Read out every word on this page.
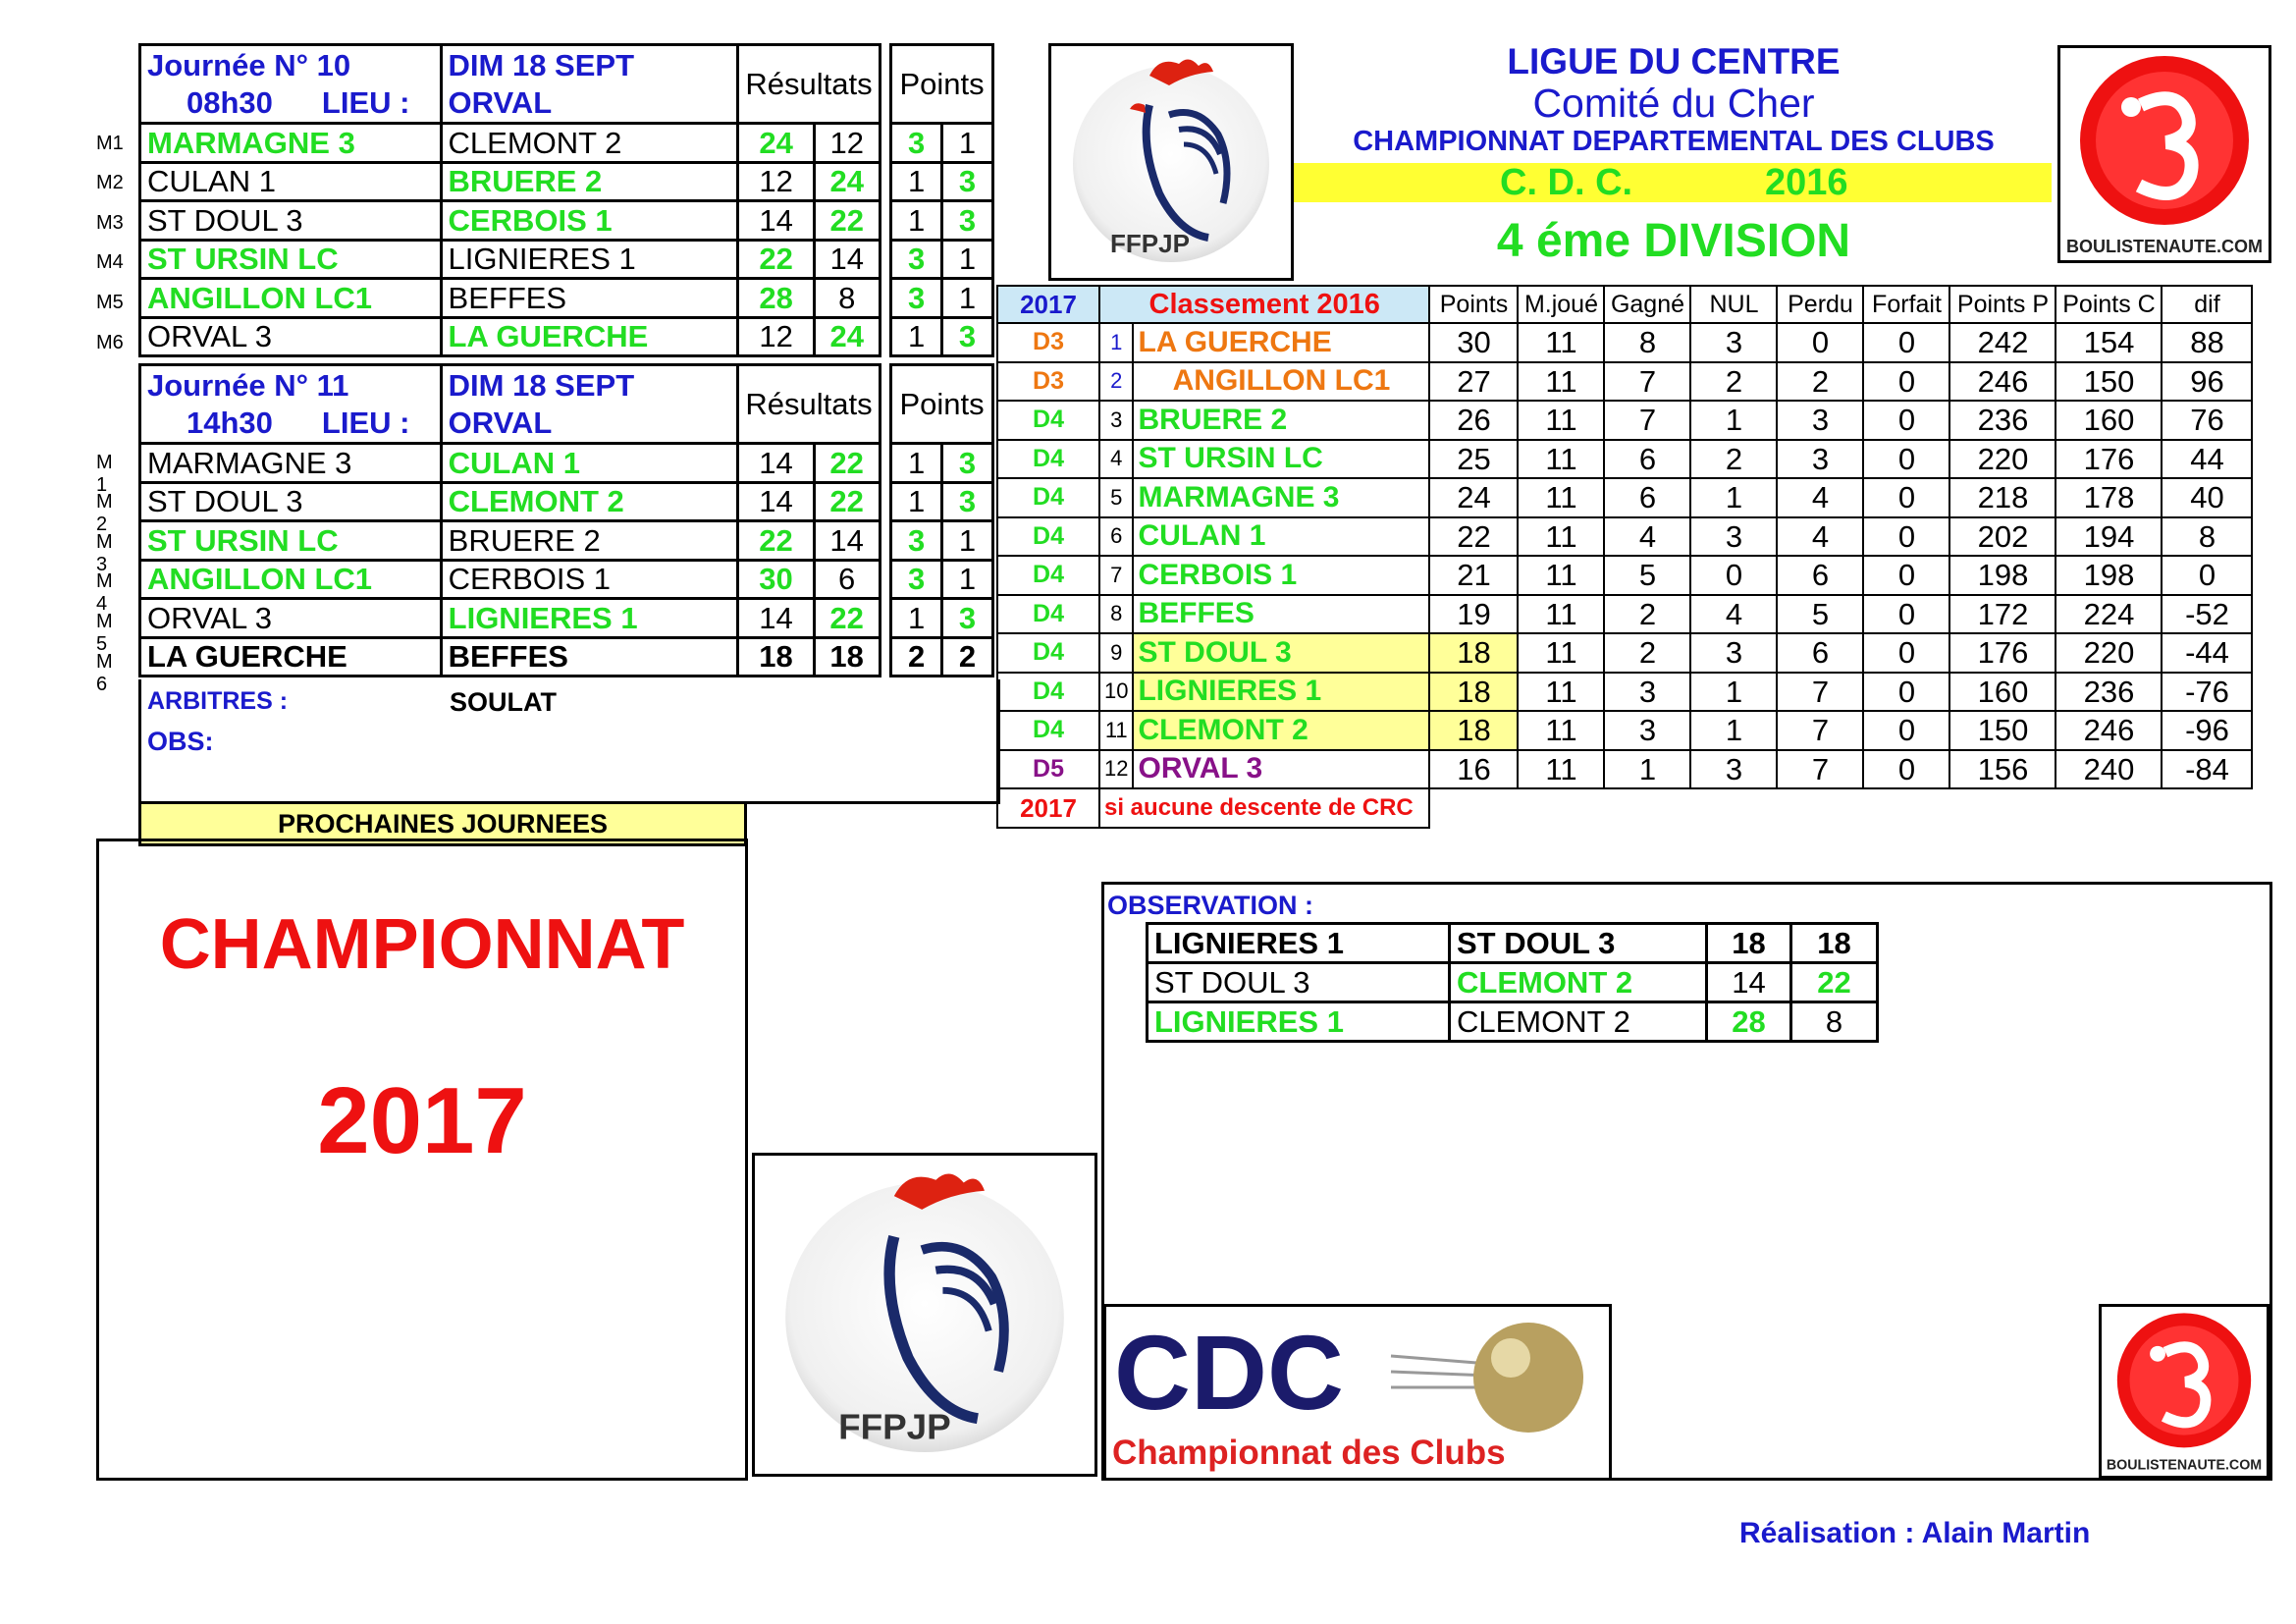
M1
M2
M3
M4
M5
M6
M 1
M 2
M 3
M 4
M 5
M 6
Journée N° 10	DIM 18 SEPT	Résultats			Points	
08h30 LIEU :	ORVAL					
MARMAGNE 3	CLEMONT 2	24	12		3	1
CULAN 1	BRUERE 2	12	24		1	3
ST DOUL 3	CERBOIS 1	14	22		1	3
ST URSIN LC	LIGNIERES 1	22	14		3	1
ANGILLON LC1	BEFFES	28	8		3	1
ORVAL 3	LA GUERCHE	12	24		1	3
Journée N° 11	DIM 18 SEPT	Résultats			Points	
14h30 LIEU :	ORVAL					
MARMAGNE 3	CULAN 1	14	22		1	3
ST DOUL 3	CLEMONT 2	14	22		1	3
ST URSIN LC	BRUERE 2	22	14		3	1
ANGILLON LC1	CERBOIS 1	30	6		3	1
ORVAL 3	LIGNIERES 1	14	22		1	3
LA GUERCHE	BEFFES	18	18		2	2
ARBITRES :	SOULAT
OBS:
PROCHAINES JOURNEES
CHAMPIONNAT
2017
FFPJP	BOULISTENAUTE.COM
FFPJP
LIGUE DU CENTRE
Comité du Cher
CHAMPIONNAT DEPARTEMENTAL DES CLUBS
C. D. C.	2016
4 éme DIVISION
2017	Classement 2016		Points	M.joué	Gagné	NUL	Perdu	Forfait	Points P	Points C	dif
D3	1	LA GUERCHE	30	11	8	3	0	0	242	154	88
D3	2	ANGILLON LC1	27	11	7	2	2	0	246	150	96
D4	3	BRUERE 2	26	11	7	1	3	0	236	160	76
D4	4	ST URSIN LC	25	11	6	2	3	0	220	176	44
D4	5	MARMAGNE 3	24	11	6	1	4	0	218	178	40
D4	6	CULAN 1	22	11	4	3	4	0	202	194	8
D4	7	CERBOIS 1	21	11	5	0	6	0	198	198	0
D4	8	BEFFES	19	11	2	4	5	0	172	224	-52
D4	9	ST DOUL 3	18	11	2	3	6	0	176	220	-44
D4	10	LIGNIERES 1	18	11	3	1	7	0	160	236	-76
D4	11	CLEMONT 2	18	11	3	1	7	0	150	246	-96
D5	12	ORVAL 3	16	11	1	3	7	0	156	240	-84
2017	si aucune descente de CRC										
OBSERVATION :
LIGNIERES 1	ST DOUL 3	18	18
ST DOUL 3	CLEMONT 2	14	22
LIGNIERES 1	CLEMONT 2	28	8
CDC
Championnat des Clubs	BOULISTENAUTE.COM
Réalisation : Alain Martin
